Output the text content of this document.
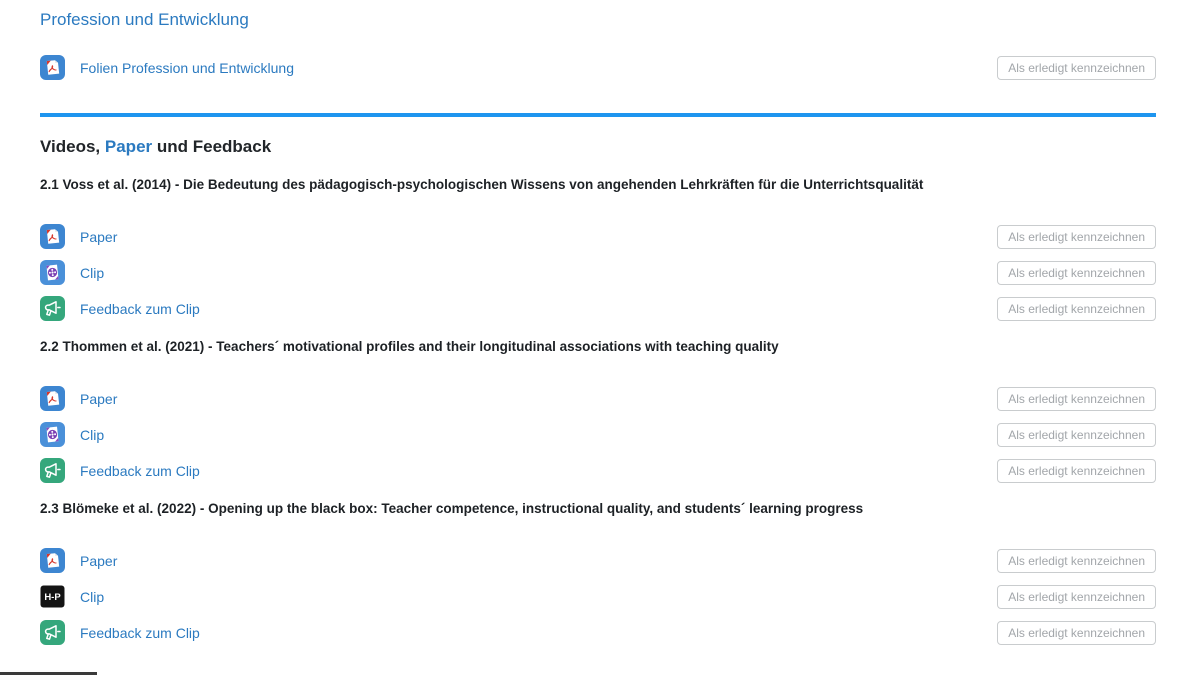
Profession und Entwicklung
Folien Profession und Entwicklung	Als erledigt kennzeichnen
Videos, Paper und Feedback
2.1 Voss et al. (2014) - Die Bedeutung des pädagogisch-psychologischen Wissens von angehenden Lehrkräften für die Unterrichtsqualität
Paper	Als erledigt kennzeichnen
Clip	Als erledigt kennzeichnen
Feedback zum Clip	Als erledigt kennzeichnen
2.2 Thommen et al. (2021) - Teachers´ motivational profiles and their longitudinal associations with teaching quality
Paper	Als erledigt kennzeichnen
Clip	Als erledigt kennzeichnen
Feedback zum Clip	Als erledigt kennzeichnen
2.3 Blömeke et al. (2022) - Opening up the black box: Teacher competence, instructional quality, and students´ learning progress
Paper	Als erledigt kennzeichnen
Clip	Als erledigt kennzeichnen
Feedback zum Clip	Als erledigt kennzeichnen
